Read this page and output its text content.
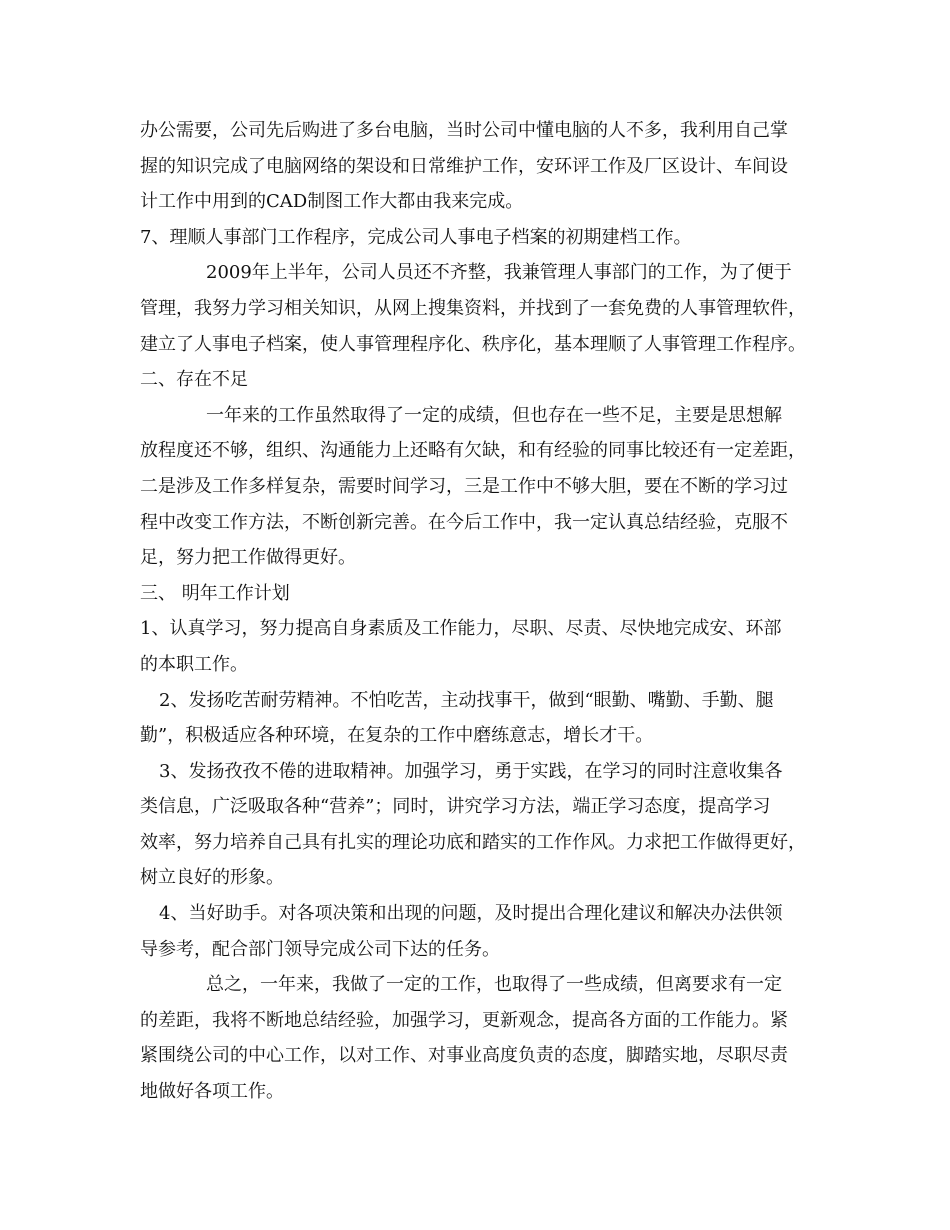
办公需要，公司先后购进了多台电脑，当时公司中懂电脑的人不多，我利用自己掌
握的知识完成了电脑网络的架设和日常维护工作，安环评工作及厂区设计、车间设
计工作中用到的CAD制图工作大都由我来完成。
7、理顺人事部门工作程序，完成公司人事电子档案的初期建档工作。
2009年上半年，公司人员还不齐整，我兼管理人事部门的工作，为了便于
管理，我努力学习相关知识，从网上搜集资料，并找到了一套免费的人事管理软件，
建立了人事电子档案，使人事管理程序化、秩序化，基本理顺了人事管理工作程序。
二、存在不足
一年来的工作虽然取得了一定的成绩，但也存在一些不足，主要是思想解
放程度还不够，组织、沟通能力上还略有欠缺，和有经验的同事比较还有一定差距，
二是涉及工作多样复杂，需要时间学习，三是工作中不够大胆，要在不断的学习过
程中改变工作方法，不断创新完善。在今后工作中，我一定认真总结经验，克服不
足，努力把工作做得更好。
三、 明年工作计划
1、认真学习，努力提高自身素质及工作能力，尽职、尽责、尽快地完成安、环部
的本职工作。
2、发扬吃苦耐劳精神。不怕吃苦，主动找事干，做到“眼勤、嘴勤、手勤、腿
勤”，积极适应各种环境，在复杂的工作中磨练意志，增长才干。
3、发扬孜孜不倦的进取精神。加强学习，勇于实践，在学习的同时注意收集各
类信息，广泛吸取各种“营养”；同时，讲究学习方法，端正学习态度，提高学习
效率，努力培养自己具有扎实的理论功底和踏实的工作作风。力求把工作做得更好，
树立良好的形象。
4、当好助手。对各项决策和出现的问题，及时提出合理化建议和解决办法供领
导参考，配合部门领导完成公司下达的任务。
总之，一年来，我做了一定的工作，也取得了一些成绩，但离要求有一定
的差距，我将不断地总结经验，加强学习，更新观念，提高各方面的工作能力。紧
紧围绕公司的中心工作，以对工作、对事业高度负责的态度，脚踏实地，尽职尽责
地做好各项工作。
